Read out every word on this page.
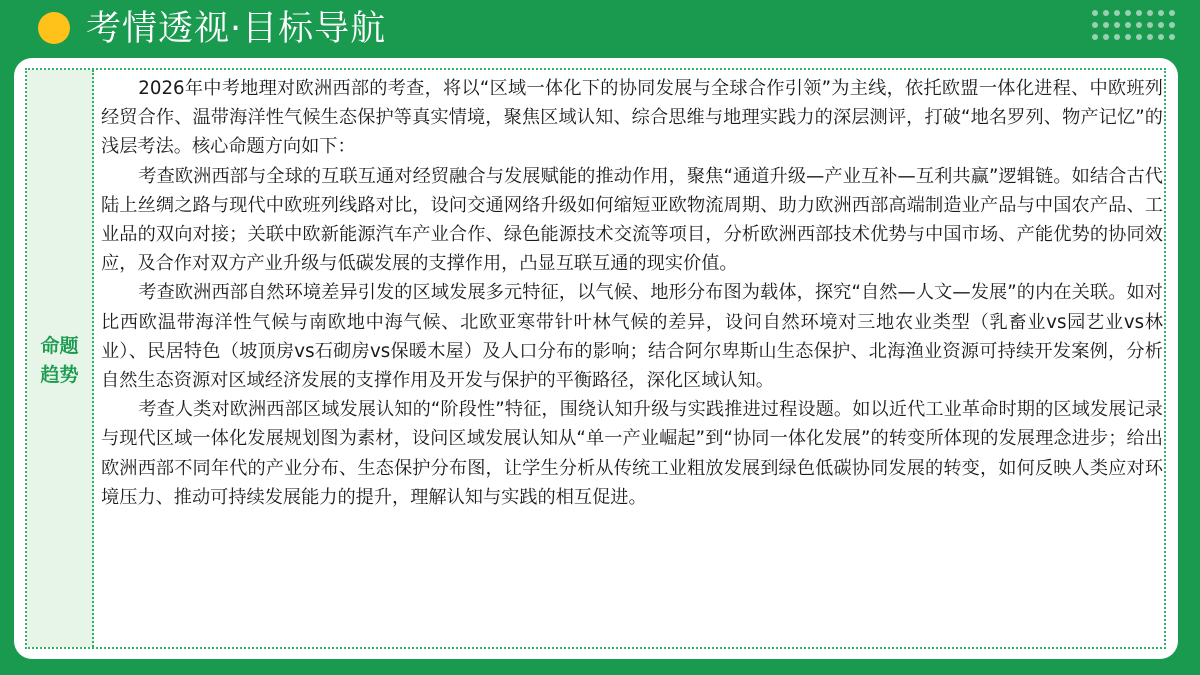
考情透视·目标导航
命题
趋势

2026年中考地理对欧洲西部的考查，将以“区域一体化下的协同发展与全球合作引领”为主线，依托欧盟一体化进程、中欧班列经贸合作、温带海洋性气候生态保护等真实情境，聚焦区域认知、综合思维与地理实践力的深层测评，打破“地名罗列、物产记忆”的浅层考法。核心命题方向如下：

考查欧洲西部与全球的互联互通对经贸融合与发展赋能的推动作用，聚焦“通道升级—产业互补—互利共赢”逻辑链。如结合古代陆上丝绸之路与现代中欧班列线路对比，设问交通网络升级如何缩短亚欧物流周期、助力欧洲西部高端制造业产品与中国农产品、工业品的双向对接；关联中欧新能源汽车产业合作、绿色能源技术交流等项目，分析欧洲西部技术优势与中国市场、产能优势的协同效应，及合作对双方产业升级与低碳发展的支撑作用，凸显互联互通的现实价值。

考查欧洲西部自然环境差异引发的区域发展多元特征，以气候、地形分布图为载体，探究“自然—人文—发展”的内在关联。如对比西欧温带海洋性气候与南欧地中海气候、北欧亚寒带针叶林气候的差异，设问自然环境对三地农业类型（乳畜业vs园艺业vs林业）、民居特色（坡顶房vs石砌房vs保暖木屋）及人口分布的影响；结合阿尔卑斯山生态保护、北海渔业资源可持续开发案例，分析自然生态资源对区域经济发展的支撑作用及开发与保护的平衡路径，深化区域认知。

考查人类对欧洲西部区域发展认知的“阶段性”特征，围绕认知升级与实践推进过程设题。如以近代工业革命时期的区域发展记录与现代区域一体化发展规划图为素材，设问区域发展认知从“单一产业崛起”到“协同一体化发展”的转变所体现的发展理念进步；给出欧洲西部不同年代的产业分布、生态保护分布图，让学生分析从传统工业粗放发展到绿色低碳协同发展的转变，如何反映人类应对环境压力、推动可持续发展能力的提升，理解认知与实践的相互促进。
